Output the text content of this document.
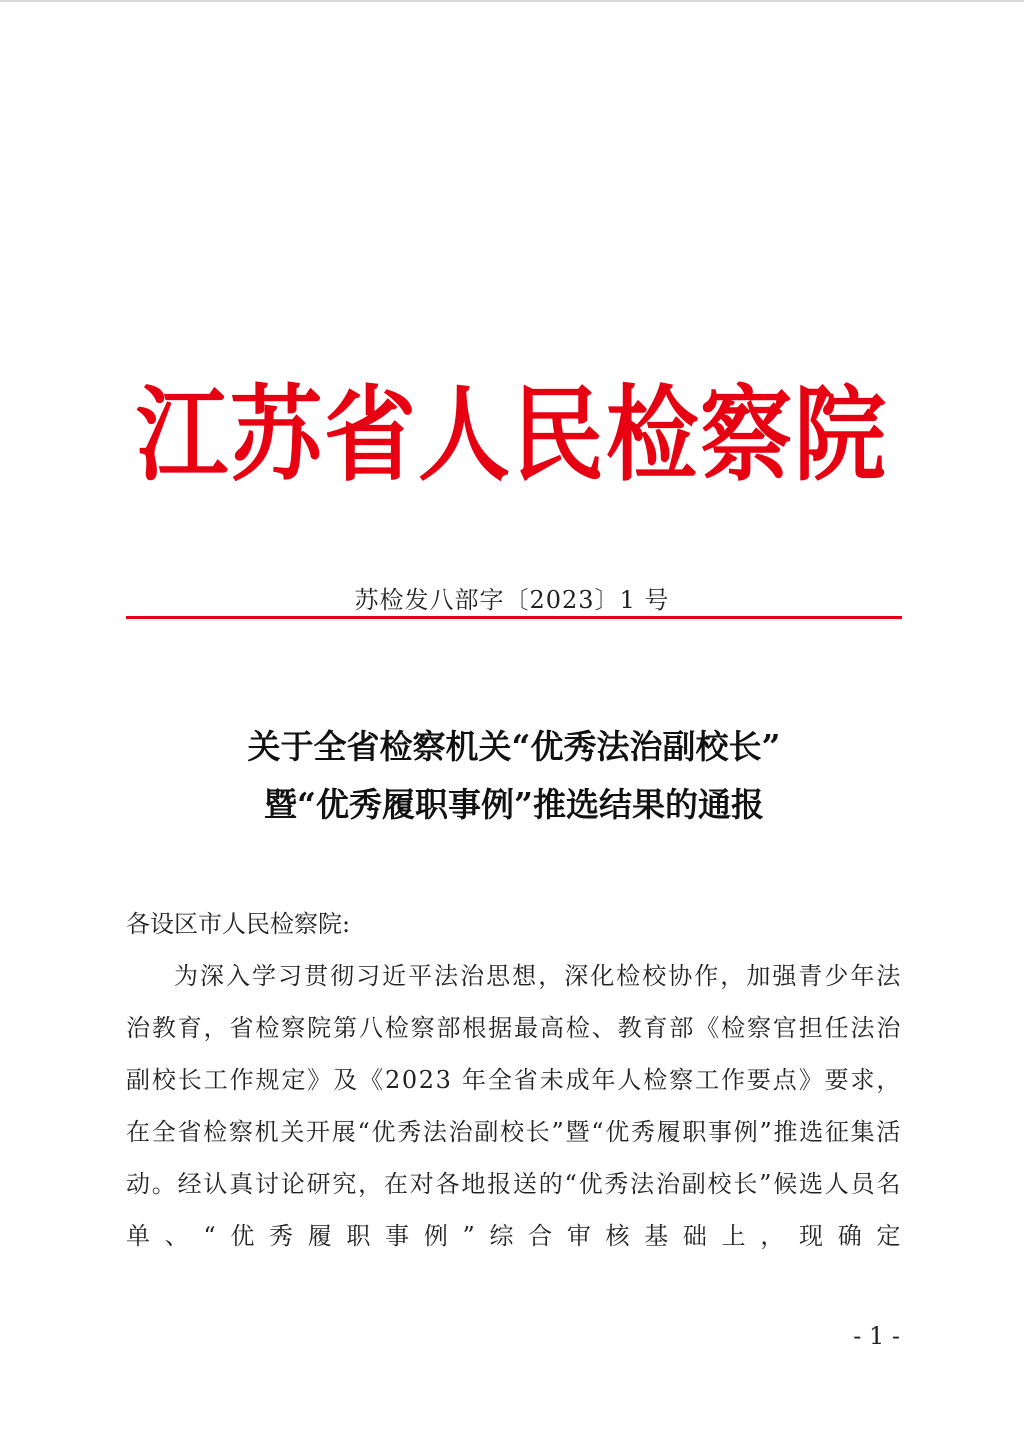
江苏省人民检察院
苏检发八部字〔2023〕1 号
关于全省检察机关“优秀法治副校长”
暨“优秀履职事例”推选结果的通报
各设区市人民检察院:
为深入学习贯彻习近平法治思想，深化检校协作，加强青少年法治教育，省检察院第八检察部根据最高检、教育部《检察官担任法治副校长工作规定》及《2023 年全省未成年人检察工作要点》要求，在全省检察机关开展“优秀法治副校长”暨“优秀履职事例”推选征集活动。经认真讨论研究，在对各地报送的“优秀法治副校长”候选人员名单、“优秀履职事例”综合审核基础上，现确定
- 1 -
